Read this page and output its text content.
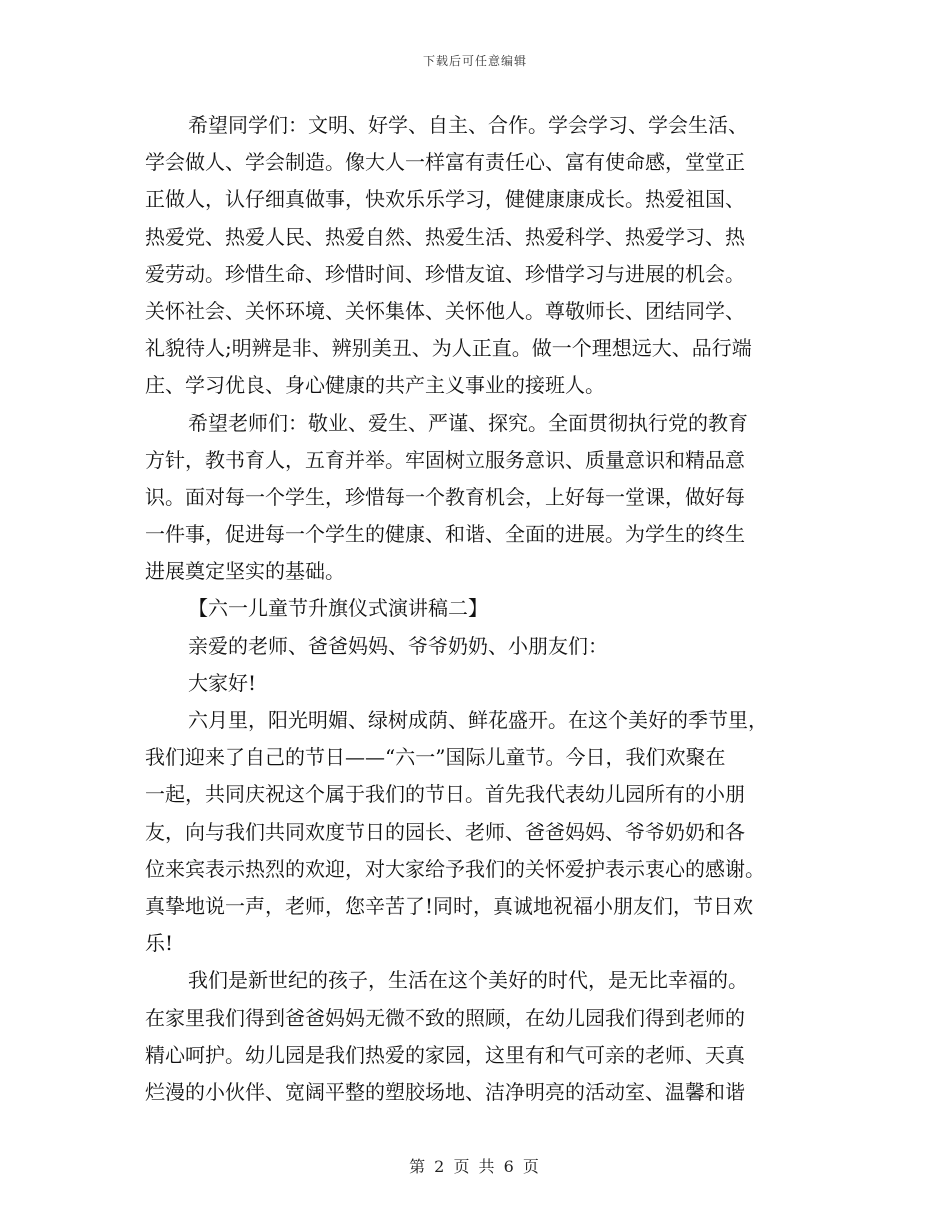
下载后可任意编辑
希望同学们：文明、好学、自主、合作。学会学习、学会生活、
学会做人、学会制造。像大人一样富有责任心、富有使命感，堂堂正
正做人，认仔细真做事，快欢乐乐学习，健健康康成长。热爱祖国、
热爱党、热爱人民、热爱自然、热爱生活、热爱科学、热爱学习、热
爱劳动。珍惜生命、珍惜时间、珍惜友谊、珍惜学习与进展的机会。
关怀社会、关怀环境、关怀集体、关怀他人。尊敬师长、团结同学、
礼貌待人;明辨是非、辨别美丑、为人正直。做一个理想远大、品行端
庄、学习优良、身心健康的共产主义事业的接班人。
希望老师们：敬业、爱生、严谨、探究。全面贯彻执行党的教育
方针，教书育人，五育并举。牢固树立服务意识、质量意识和精品意
识。面对每一个学生，珍惜每一个教育机会，上好每一堂课，做好每
一件事，促进每一个学生的健康、和谐、全面的进展。为学生的终生
进展奠定坚实的基础。
【六一儿童节升旗仪式演讲稿二】
亲爱的老师、爸爸妈妈、爷爷奶奶、小朋友们：
大家好!
六月里，阳光明媚、绿树成荫、鲜花盛开。在这个美好的季节里，
我们迎来了自己的节日——“六一”国际儿童节。今日，我们欢聚在
一起，共同庆祝这个属于我们的节日。首先我代表幼儿园所有的小朋
友，向与我们共同欢度节日的园长、老师、爸爸妈妈、爷爷奶奶和各
位来宾表示热烈的欢迎，对大家给予我们的关怀爱护表示衷心的感谢。
真挚地说一声，老师，您辛苦了!同时，真诚地祝福小朋友们，节日欢
乐!
我们是新世纪的孩子，生活在这个美好的时代，是无比幸福的。
在家里我们得到爸爸妈妈无微不致的照顾，在幼儿园我们得到老师的
精心呵护。幼儿园是我们热爱的家园，这里有和气可亲的老师、天真
烂漫的小伙伴、宽阔平整的塑胶场地、洁净明亮的活动室、温馨和谐
第 2 页 共 6 页
